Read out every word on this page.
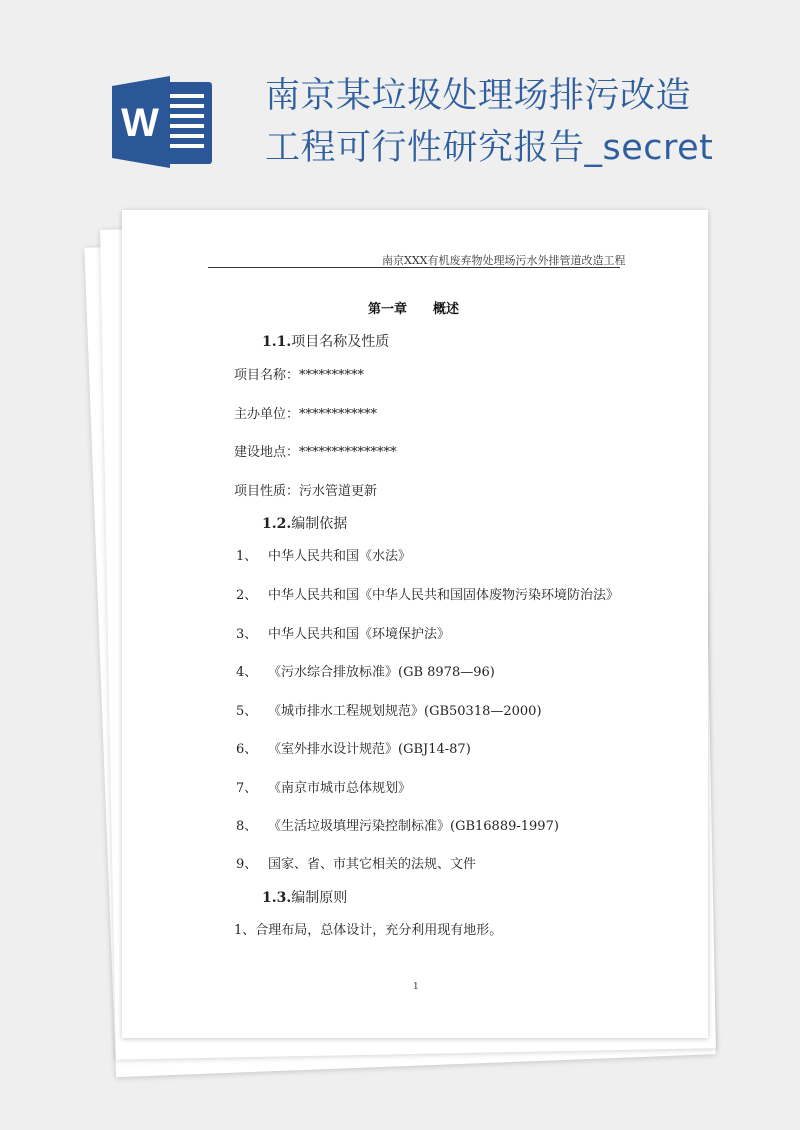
W
南京某垃圾处理场排污改造工程可行性研究报告_secret
南京XXX有机废弃物处理场污水外排管道改造工程
第一章 概述
1.1.项目名称及性质
项目名称：**********
主办单位：************
建设地点：***************
项目性质：污水管道更新
1.2.编制依据
1、 中华人民共和国《水法》
2、 中华人民共和国《中华人民共和国固体废物污染环境防治法》
3、 中华人民共和国《环境保护法》
4、 《污水综合排放标准》(GB 8978—96)
5、 《城市排水工程规划规范》(GB50318—2000)
6、 《室外排水设计规范》(GBJ14-87)
7、 《南京市城市总体规划》
8、 《生活垃圾填埋污染控制标准》(GB16889-1997)
9、 国家、省、市其它相关的法规、文件
1.3.编制原则
1、合理布局，总体设计，充分利用现有地形。
1
